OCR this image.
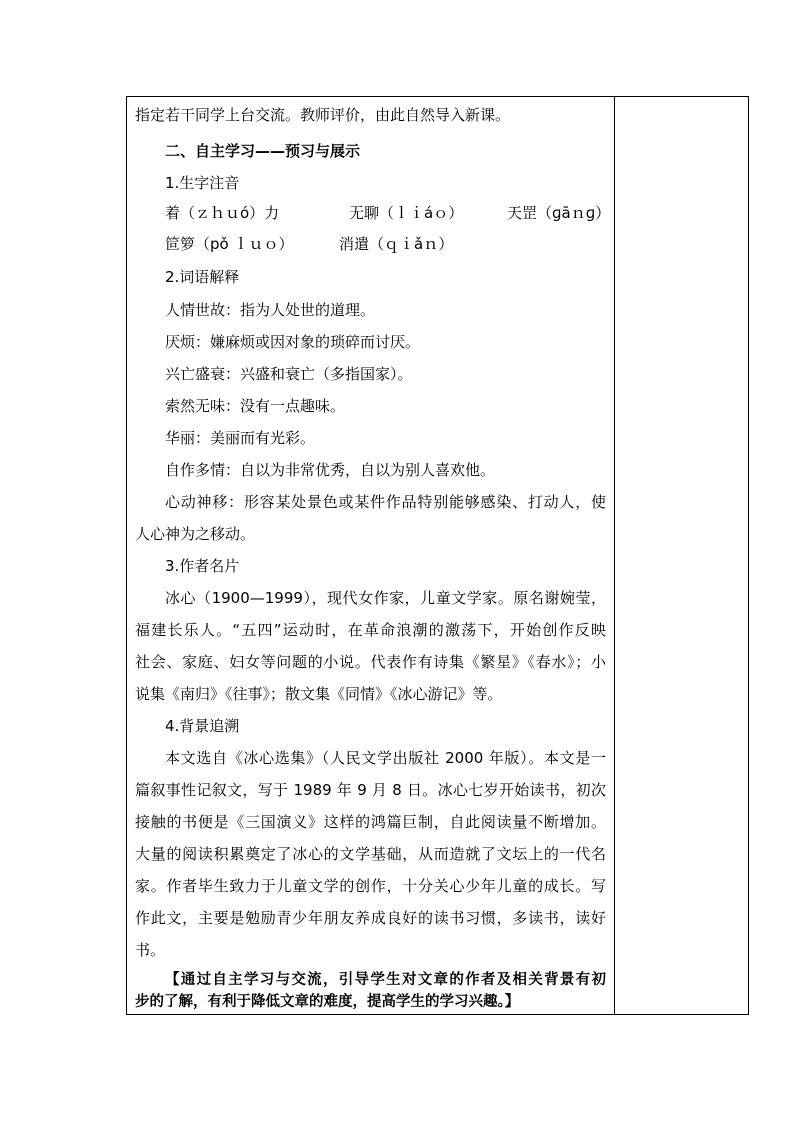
指定若干同学上台交流。教师评价，由此自然导入新课。
二、自主学习——预习与展示
1.生字注音
着（ｚｈｕó）力	无聊（ｌｉáｏ）	天罡（ɡāｎɡ）
笸箩（pǒ ｌｕｏ）	消遣（ｑｉǎｎ）
2.词语解释
人情世故：指为人处世的道理。
厌烦：嫌麻烦或因对象的琐碎而讨厌。
兴亡盛衰：兴盛和衰亡（多指国家）。
索然无味：没有一点趣味。
华丽：美丽而有光彩。
自作多情：自以为非常优秀，自以为别人喜欢他。
心动神移：形容某处景色或某件作品特别能够感染、打动人，使
人心神为之移动。
3.作者名片
冰心（1900—1999），现代女作家，儿童文学家。原名谢婉莹，
福建长乐人。“五四”运动时，在革命浪潮的激荡下，开始创作反映
社会、家庭、妇女等问题的小说。代表作有诗集《繁星》《春水》；小
说集《南归》《往事》；散文集《同情》《冰心游记》等。
4.背景追溯
本文选自《冰心选集》（人民文学出版社 2000 年版）。本文是一
篇叙事性记叙文，写于 1989 年 9 月 8 日。冰心七岁开始读书，初次
接触的书便是《三国演义》这样的鸿篇巨制，自此阅读量不断增加。
大量的阅读积累奠定了冰心的文学基础，从而造就了文坛上的一代名
家。作者毕生致力于儿童文学的创作，十分关心少年儿童的成长。写
作此文，主要是勉励青少年朋友养成良好的读书习惯，多读书，读好
书。
【通过自主学习与交流，引导学生对文章的作者及相关背景有初
步的了解，有利于降低文章的难度，提高学生的学习兴趣。】
